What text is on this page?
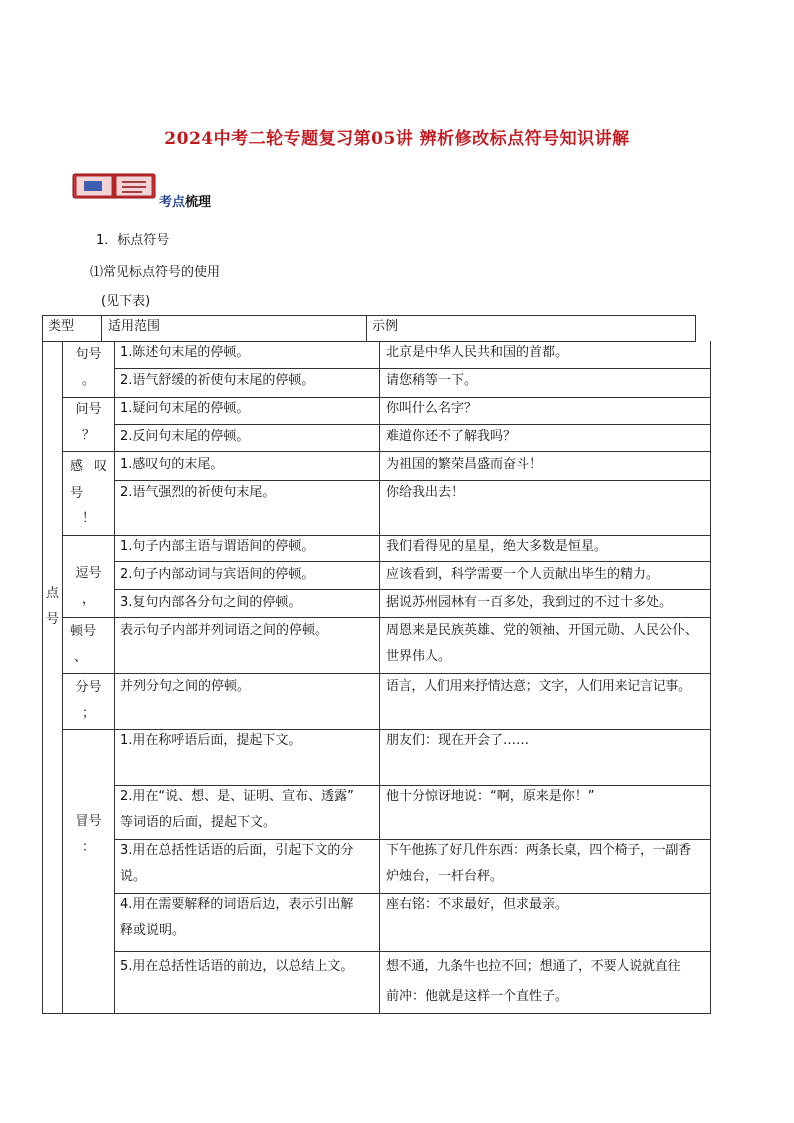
2024中考二轮专题复习第05讲 辨析修改标点符号知识讲解
考点梳理
1．标点符号
⑴常见标点符号的使用
(见下表)
类型	适用范围	示例
点
号
句号
。
问号
？
感 叹
号
！
逗号
，
顿号
、
分号
；
冒号
：
1.陈述句末尾的停顿。
2.语气舒缓的祈使句末尾的停顿。
1.疑问句末尾的停顿。
2.反问句末尾的停顿。
1.感叹句的末尾。
2.语气强烈的祈使句末尾。
1.句子内部主语与谓语间的停顿。
2.句子内部动词与宾语间的停顿。
3.复句内部各分句之间的停顿。
表示句子内部并列词语之间的停顿。
并列分句之间的停顿。
1.用在称呼语后面，提起下文。
2.用在“说、想、是、证明、宣布、透露”
等词语的后面，提起下文。
3.用在总括性话语的后面，引起下文的分
说。
4.用在需要解释的词语后边，表示引出解
释或说明。
5.用在总括性话语的前边，以总结上文。
北京是中华人民共和国的首都。
请您稍等一下。
你叫什么名字？
难道你还不了解我吗？
为祖国的繁荣昌盛而奋斗！
你给我出去！
我们看得见的星星，绝大多数是恒星。
应该看到，科学需要一个人贡献出毕生的精力。
据说苏州园林有一百多处，我到过的不过十多处。
周恩来是民族英雄、党的领袖、开国元勋、人民公仆、
世界伟人。
语言，人们用来抒情达意；文字，人们用来记言记事。
朋友们：现在开会了……
他十分惊讶地说：“啊，原来是你！”
下午他拣了好几件东西：两条长桌，四个椅子，一副香
炉烛台，一杆台秤。
座右铭：不求最好，但求最亲。
想不通，九条牛也拉不回；想通了，不要人说就直往
前冲：他就是这样一个直性子。
